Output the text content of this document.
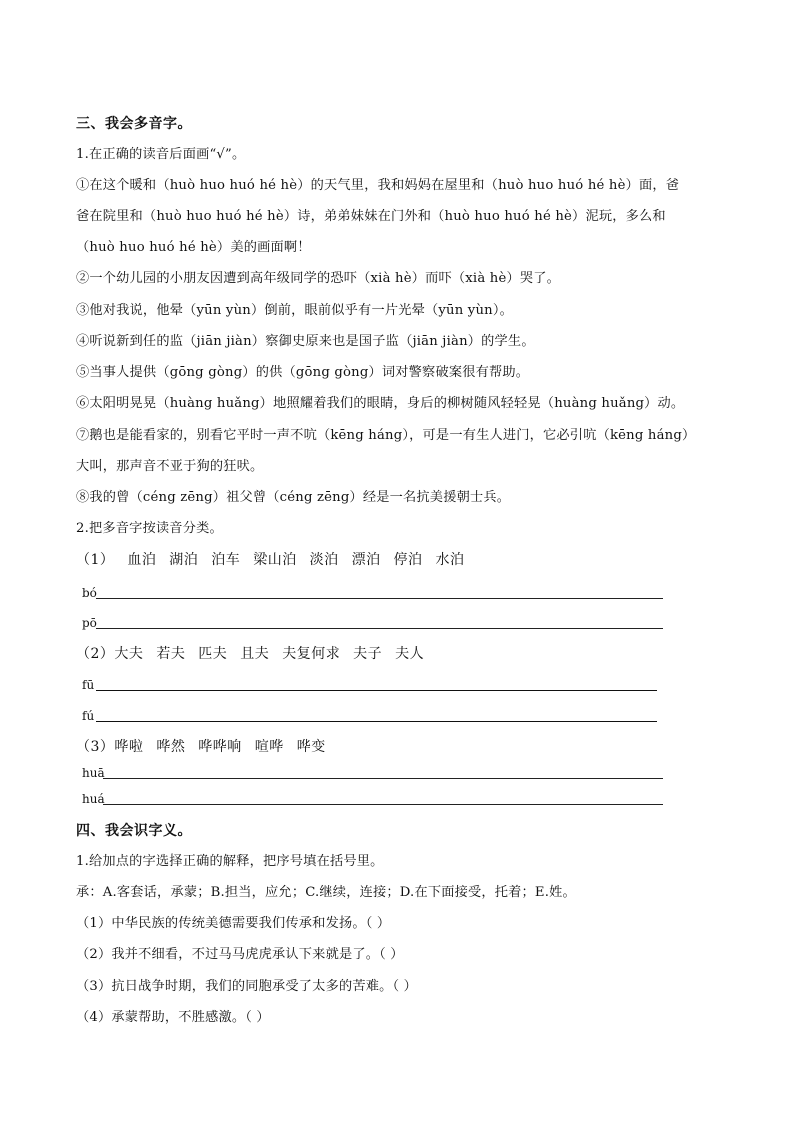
三、我会多音字。
1.在正确的读音后面画“√”。
①在这个暖和（huò huo huó hé hè）的天气里，我和妈妈在屋里和（huò huo huó hé hè）面，爸
爸在院里和（huò huo huó hé hè）诗，弟弟妹妹在门外和（huò huo huó hé hè）泥玩，多么和
（huò huo huó hé hè）美的画面啊！
②一个幼儿园的小朋友因遭到高年级同学的恐吓（xià hè）而吓（xià hè）哭了。
③他对我说，他晕（yūn yùn）倒前，眼前似乎有一片光晕（yūn yùn）。
④听说新到任的监（jiān jiàn）察御史原来也是国子监（jiān jiàn）的学生。
⑤当事人提供（gōng gòng）的供（gōng gòng）词对警察破案很有帮助。
⑥太阳明晃晃（huàng huǎng）地照耀着我们的眼睛，身后的柳树随风轻轻晃（huàng huǎng）动。
⑦鹅也是能看家的，别看它平时一声不吭（kēng háng），可是一有生人进门，它必引吭（kēng háng）
大叫，那声音不亚于狗的狂吠。
⑧我的曾（céng zēng）祖父曾（céng zēng）经是一名抗美援朝士兵。
2.把多音字按读音分类。
（1） 血泊 湖泊 泊车 梁山泊 淡泊 漂泊 停泊 水泊
bó
pō
（2）大夫 若夫 匹夫 且夫 夫复何求 夫子 夫人
fū
fú
（3）哗啦 哗然 哗哗响 喧哗 哗变
huā
huá
四、我会识字义。
1.给加点的字选择正确的解释，把序号填在括号里。
承：A.客套话，承蒙；B.担当，应允；C.继续，连接；D.在下面接受，托着；E.姓。
（1）中华民族的传统美德需要我们传承和发扬。（ ）
（2）我并不细看，不过马马虎虎承认下来就是了。（ ）
（3）抗日战争时期，我们的同胞承受了太多的苦难。（ ）
（4）承蒙帮助，不胜感激。（ ）
